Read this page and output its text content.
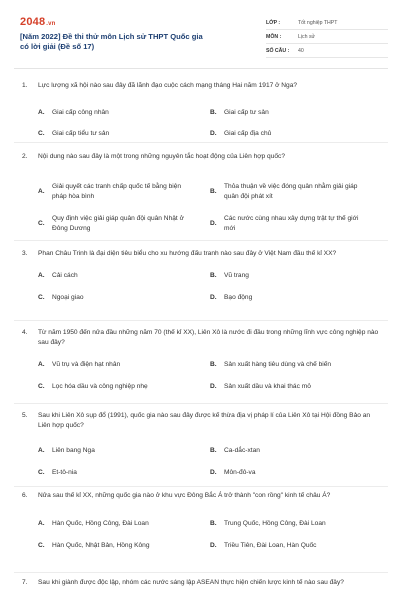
2048.vn
[Năm 2022] Đề thi thử môn Lịch sử THPT Quốc gia có lời giải (Đề số 17)
LỚP :	Tốt nghiệp THPT
MÔN :	Lịch sử
SỐ CÂU :	40
1.	Lực lượng xã hội nào sau đây đã lãnh đạo cuộc cách mạng tháng Hai năm 1917 ở Nga?
A.	Giai cấp công nhân	B.	Giai cấp tư sản
C.	Giai cấp tiểu tư sản	D.	Giai cấp địa chủ
2.	Nội dung nào sau đây là một trong những nguyên tắc hoạt động của Liên hợp quốc?
A.
Giải quyết các tranh chấp quốc tế bằng biện pháp hòa bình
B.
Thỏa thuận về việc đóng quân nhằm giải giáp quân đội phát xít
C.
Quy định việc giải giáp quân đội quân Nhật ở Đông Dương
D.
Các nước cùng nhau xây dựng trật tự thế giới mới
3.	Phan Châu Trinh là đại diện tiêu biểu cho xu hướng đấu tranh nào sau đây ở Việt Nam đầu thế kỉ XX?
A.	Cải cách	B.	Vũ trang
C.	Ngoại giao	D.	Bạo động
4.	Từ năm 1950 đến nửa đầu những năm 70 (thế kỉ XX), Liên Xô là nước đi đầu trong những lĩnh vực công nghiệp nào sau đây?
A.	Vũ trụ và điện hạt nhân	B.	Sản xuất hàng tiêu dùng và chế biến
C.	Lọc hóa dầu và công nghiệp nhẹ	D.	Sản xuất dầu và khai thác mỏ
5.	Sau khi Liên Xô sụp đổ (1991), quốc gia nào sau đây được kế thừa địa vị pháp lí của Liên Xô tại Hội đồng Bảo an Liên hợp quốc?
A.	Liên bang Nga	B.	Ca-dắc-xtan
C.	Et-tô-nia	D.	Môn-đô-va
6.	Nửa sau thế kỉ XX, những quốc gia nào ở khu vực Đông Bắc Á trở thành "con rồng" kinh tế châu Á?
A.	Hàn Quốc, Hồng Công, Đài Loan	B.	Trung Quốc, Hồng Công, Đài Loan
C.	Hàn Quốc, Nhật Bản, Hồng Kông	D.	Triều Tiên, Đài Loan, Hàn Quốc
7.	Sau khi giành được độc lập, nhóm các nước sáng lập ASEAN thực hiện chiến lược kinh tế nào sau đây?
